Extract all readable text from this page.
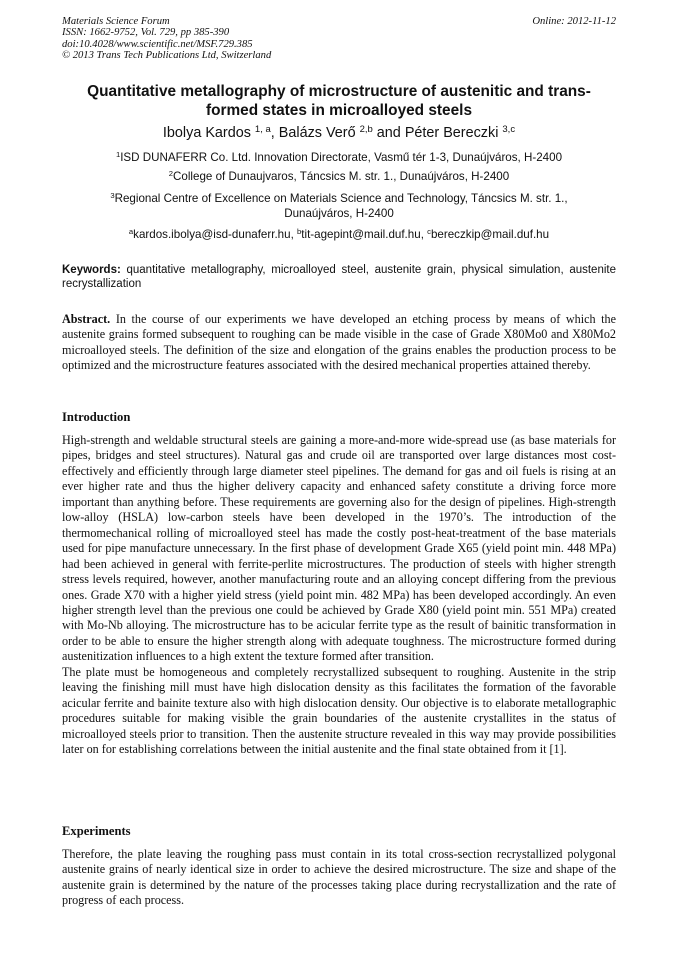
Materials Science Forum
ISSN: 1662-9752, Vol. 729, pp 385-390
doi:10.4028/www.scientific.net/MSF.729.385
© 2013 Trans Tech Publications Ltd, Switzerland
Online: 2012-11-12
Quantitative metallography of microstructure of austenitic and trans-
formed states in microalloyed steels
Ibolya Kardos $^{1, a}$, Balázs Verő $^{2,b}$ and Péter Bereczki $^{3,c}$
$^1$ISD DUNAFERR Co. Ltd. Innovation Directorate, Vasmű tér 1-3, Dunaújváros, H-2400
$^2$College of Dunaujvaros, Táncsics M. str. 1., Dunaújváros, H-2400
$^3$Regional Centre of Excellence on Materials Science and Technology, Táncsics M. str. 1., Dunaújváros, H-2400
$^a$kardos.ibolya@isd-dunaferr.hu, $^b$tit-agepint@mail.duf.hu, $^c$bereczkip@mail.duf.hu
Keywords: quantitative metallography, microalloyed steel, austenite grain, physical simulation, austenite recrystallization
Abstract. In the course of our experiments we have developed an etching process by means of which the austenite grains formed subsequent to roughing can be made visible in the case of Grade X80Mo0 and X80Mo2 microalloyed steels. The definition of the size and elongation of the grains enables the production process to be optimized and the microstructure features associated with the desired mechanical properties attained thereby.
Introduction

High-strength and weldable structural steels are gaining a more-and-more wide-spread use (as base materials for pipes, bridges and steel structures). Natural gas and crude oil are transported over large distances most cost-effectively and efficiently through large diameter steel pipelines. The demand for gas and oil fuels is rising at an ever higher rate and thus the higher delivery capacity and enhanced safety constitute a driving force more important than anything before. These requirements are governing also for the design of pipelines. High-strength low-alloy (HSLA) low-carbon steels have been developed in the 1970’s. The introduction of the thermomechanical rolling of microalloyed steel has made the costly post-heat-treatment of the base materials used for pipe manufacture unnecessary. In the first phase of development Grade X65 (yield point min. 448 MPa) had been achieved in general with ferrite-perlite microstructures. The production of steels with higher strength stress levels required, however, another manufacturing route and an alloying concept differing from the previous ones. Grade X70 with a higher yield stress (yield point min. 482 MPa) has been developed accordingly. An even higher strength level than the previous one could be achieved by Grade X80 (yield point min. 551 MPa) created with Mo-Nb alloying. The microstructure has to be acicular ferrite type as the result of bainitic transformation in order to be able to ensure the higher strength along with adequate toughness. The microstructure formed during austenitization influences to a high extent the texture formed after transition.

The plate must be homogeneous and completely recrystallized subsequent to roughing. Austenite in the strip leaving the finishing mill must have high dislocation density as this facilitates the formation of the favorable acicular ferrite and bainite texture also with high dislocation density. Our objective is to elaborate metallographic procedures suitable for making visible the grain boundaries of the austenite crystallites in the status of microalloyed steels prior to transition. Then the austenite structure revealed in this way may provide possibilities later on for establishing correlations between the initial austenite and the final state obtained from it [1].

Experiments

Therefore, the plate leaving the roughing pass must contain in its total cross-section recrystallized polygonal austenite grains of nearly identical size in order to achieve the desired microstructure. The size and shape of the austenite grain is determined by the nature of the processes taking place during recrystallization and the rate of progress of each process.
